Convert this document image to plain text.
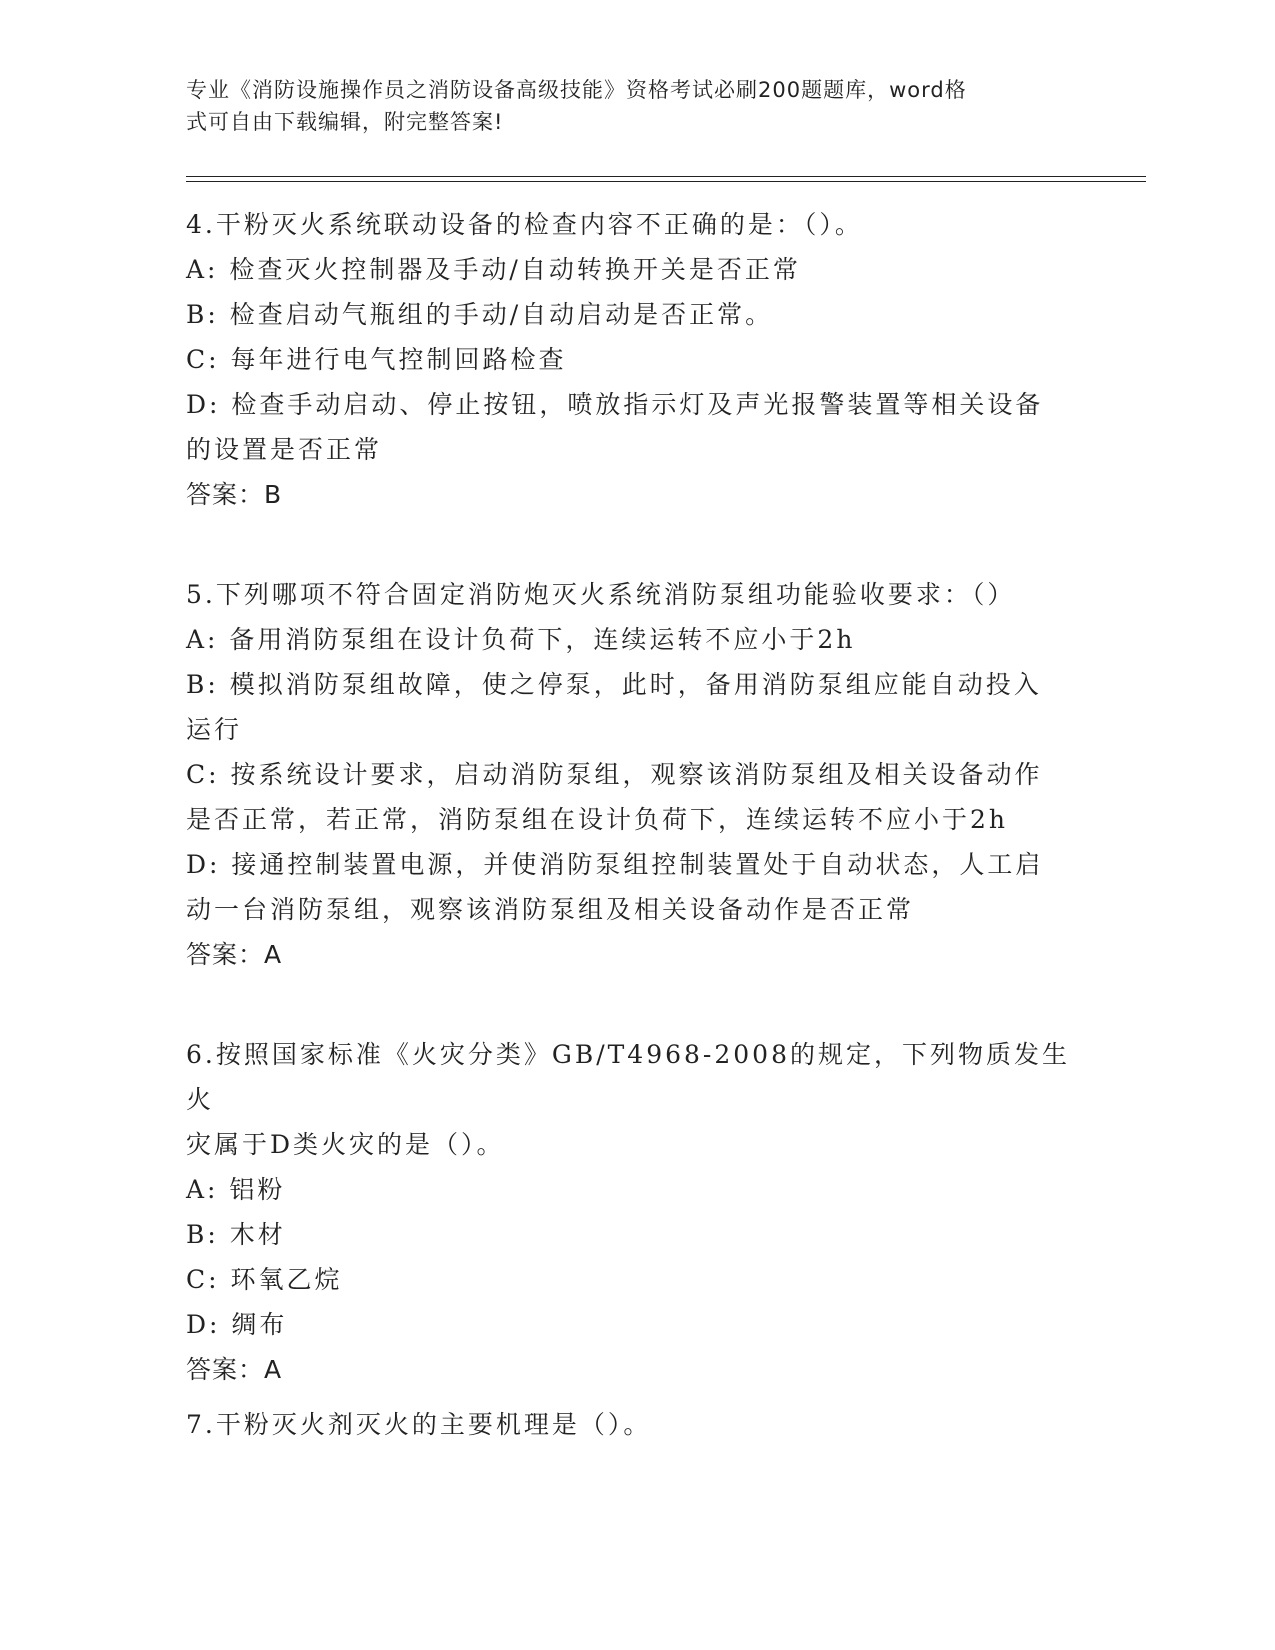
专业《消防设施操作员之消防设备高级技能》资格考试必刷200题题库，word格
式可自由下载编辑，附完整答案!

4.干粉灭火系统联动设备的检查内容不正确的是：（）。

A: 检查灭火控制器及手动/自动转换开关是否正常

B: 检查启动气瓶组的手动/自动启动是否正常。

C: 每年进行电气控制回路检查

D: 检查手动启动、停止按钮，喷放指示灯及声光报警装置等相关设备

的设置是否正常

答案：B

5.下列哪项不符合固定消防炮灭火系统消防泵组功能验收要求：（）

A: 备用消防泵组在设计负荷下，连续运转不应小于2h

B: 模拟消防泵组故障，使之停泵，此时，备用消防泵组应能自动投入

运行

C: 按系统设计要求，启动消防泵组，观察该消防泵组及相关设备动作

是否正常，若正常，消防泵组在设计负荷下，连续运转不应小于2h

D: 接通控制装置电源，并使消防泵组控制装置处于自动状态，人工启

动一台消防泵组，观察该消防泵组及相关设备动作是否正常

答案：A

6.按照国家标准《火灾分类》GB/T4968-2008的规定，下列物质发生火

灾属于D类火灾的是（）。

A: 铝粉

B: 木材

C: 环氧乙烷

D: 绸布

答案：A

7.干粉灭火剂灭火的主要机理是（）。
